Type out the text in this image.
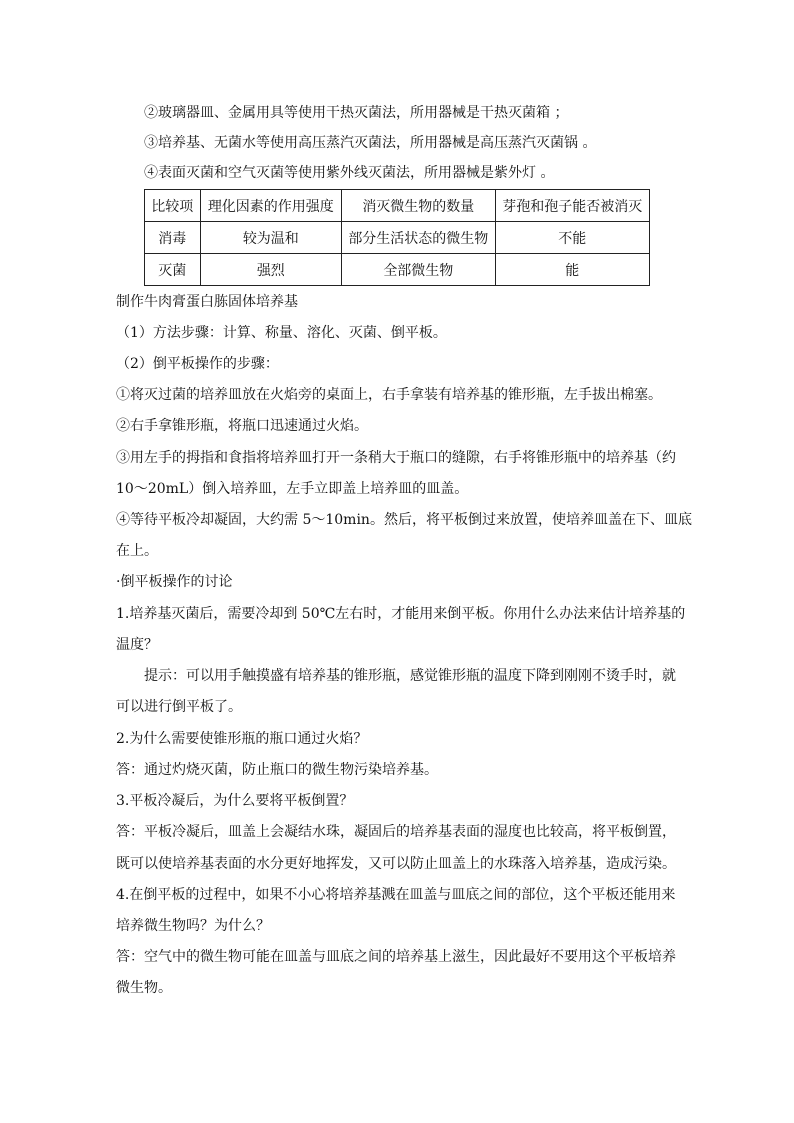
②玻璃器皿、金属用具等使用干热灭菌法，所用器械是干热灭菌箱 ；
③培养基、无菌水等使用高压蒸汽灭菌法，所用器械是高压蒸汽灭菌锅 。
④表面灭菌和空气灭菌等使用紫外线灭菌法，所用器械是紫外灯 。
比较项	理化因素的作用强度	消灭微生物的数量	芽孢和孢子能否被消灭
消毒	较为温和	部分生活状态的微生物	不能
灭菌	强烈	全部微生物	能
制作牛肉膏蛋白胨固体培养基
（1）方法步骤：计算、称量、溶化、灭菌、倒平板。
（2）倒平板操作的步骤：
①将灭过菌的培养皿放在火焰旁的桌面上，右手拿装有培养基的锥形瓶，左手拔出棉塞。
②右手拿锥形瓶，将瓶口迅速通过火焰。
③用左手的拇指和食指将培养皿打开一条稍大于瓶口的缝隙，右手将锥形瓶中的培养基（约
10～20mL）倒入培养皿，左手立即盖上培养皿的皿盖。
④等待平板冷却凝固，大约需 5～10min。然后，将平板倒过来放置，使培养皿盖在下、皿底
在上。
·倒平板操作的讨论
1.培养基灭菌后，需要冷却到 50℃左右时，才能用来倒平板。你用什么办法来估计培养基的
温度？
提示：可以用手触摸盛有培养基的锥形瓶，感觉锥形瓶的温度下降到刚刚不烫手时，就
可以进行倒平板了。
2.为什么需要使锥形瓶的瓶口通过火焰？
答：通过灼烧灭菌，防止瓶口的微生物污染培养基。
3.平板冷凝后，为什么要将平板倒置？
答：平板冷凝后，皿盖上会凝结水珠，凝固后的培养基表面的湿度也比较高，将平板倒置，
既可以使培养基表面的水分更好地挥发，又可以防止皿盖上的水珠落入培养基，造成污染。
4.在倒平板的过程中，如果不小心将培养基溅在皿盖与皿底之间的部位，这个平板还能用来
培养微生物吗？为什么？
答：空气中的微生物可能在皿盖与皿底之间的培养基上滋生，因此最好不要用这个平板培养
微生物。
